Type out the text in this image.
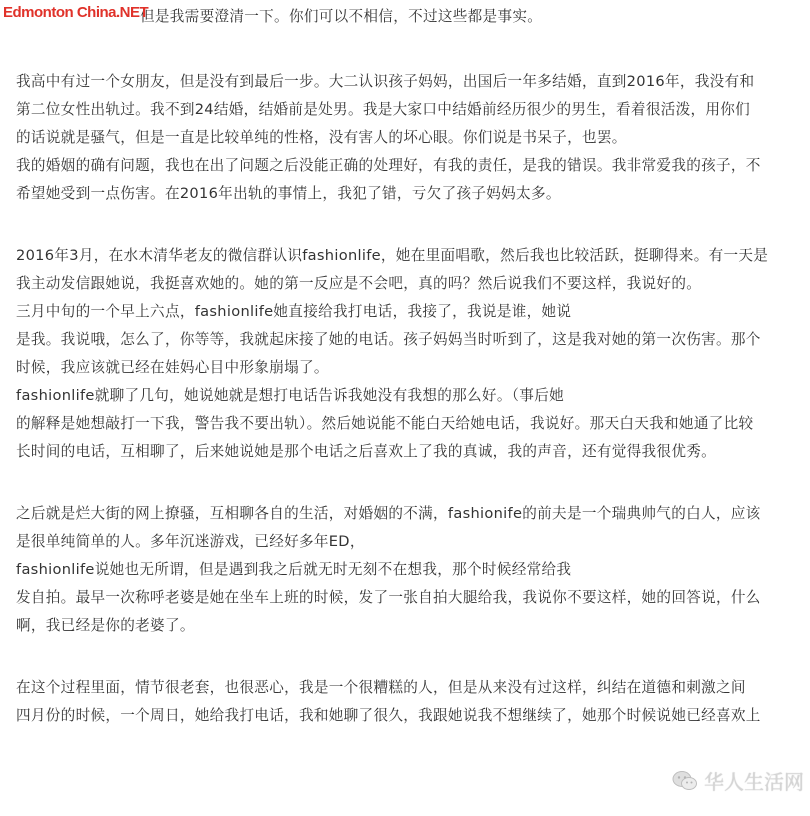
Edmonton China.NET
但是我需要澄清一下。你们可以不相信，不过这些都是事实。
我高中有过一个女朋友，但是没有到最后一步。大二认识孩子妈妈，出国后一年多结婚，直到2016年，我没有和
第二位女性出轨过。我不到24结婚，结婚前是处男。我是大家口中结婚前经历很少的男生，看着很活泼，用你们
的话说就是骚气，但是一直是比较单纯的性格，没有害人的坏心眼。你们说是书呆子，也罢。
我的婚姻的确有问题，我也在出了问题之后没能正确的处理好，有我的责任，是我的错误。我非常爱我的孩子，不
希望她受到一点伤害。在2016年出轨的事情上，我犯了错，亏欠了孩子妈妈太多。
2016年3月，在水木清华老友的微信群认识fashionlife，她在里面唱歌，然后我也比较活跃，挺聊得来。有一天是
我主动发信跟她说，我挺喜欢她的。她的第一反应是不会吧，真的吗？然后说我们不要这样，我说好的。
三月中旬的一个早上六点，fashionlife她直接给我打电话，我接了，我说是谁，她说
是我。我说哦，怎么了，你等等，我就起床接了她的电话。孩子妈妈当时听到了，这是我对她的第一次伤害。那个
时候，我应该就已经在娃妈心目中形象崩塌了。
fashionlife就聊了几句，她说她就是想打电话告诉我她没有我想的那么好。（事后她
的解释是她想敲打一下我，警告我不要出轨）。然后她说能不能白天给她电话，我说好。那天白天我和她通了比较
长时间的电话，互相聊了，后来她说她是那个电话之后喜欢上了我的真诚，我的声音，还有觉得我很优秀。
之后就是烂大街的网上撩骚，互相聊各自的生活，对婚姻的不满，fashionife的前夫是一个瑞典帅气的白人，应该
是很单纯简单的人。多年沉迷游戏，已经好多年ED，
fashionlife说她也无所谓，但是遇到我之后就无时无刻不在想我，那个时候经常给我
发自拍。最早一次称呼老婆是她在坐车上班的时候，发了一张自拍大腿给我，我说你不要这样，她的回答说，什么
啊，我已经是你的老婆了。
在这个过程里面，情节很老套，也很恶心，我是一个很糟糕的人，但是从来没有过这样，纠结在道德和刺激之间
四月份的时候，一个周日，她给我打电话，我和她聊了很久，我跟她说我不想继续了，她那个时候说她已经喜欢上
华人生活网
